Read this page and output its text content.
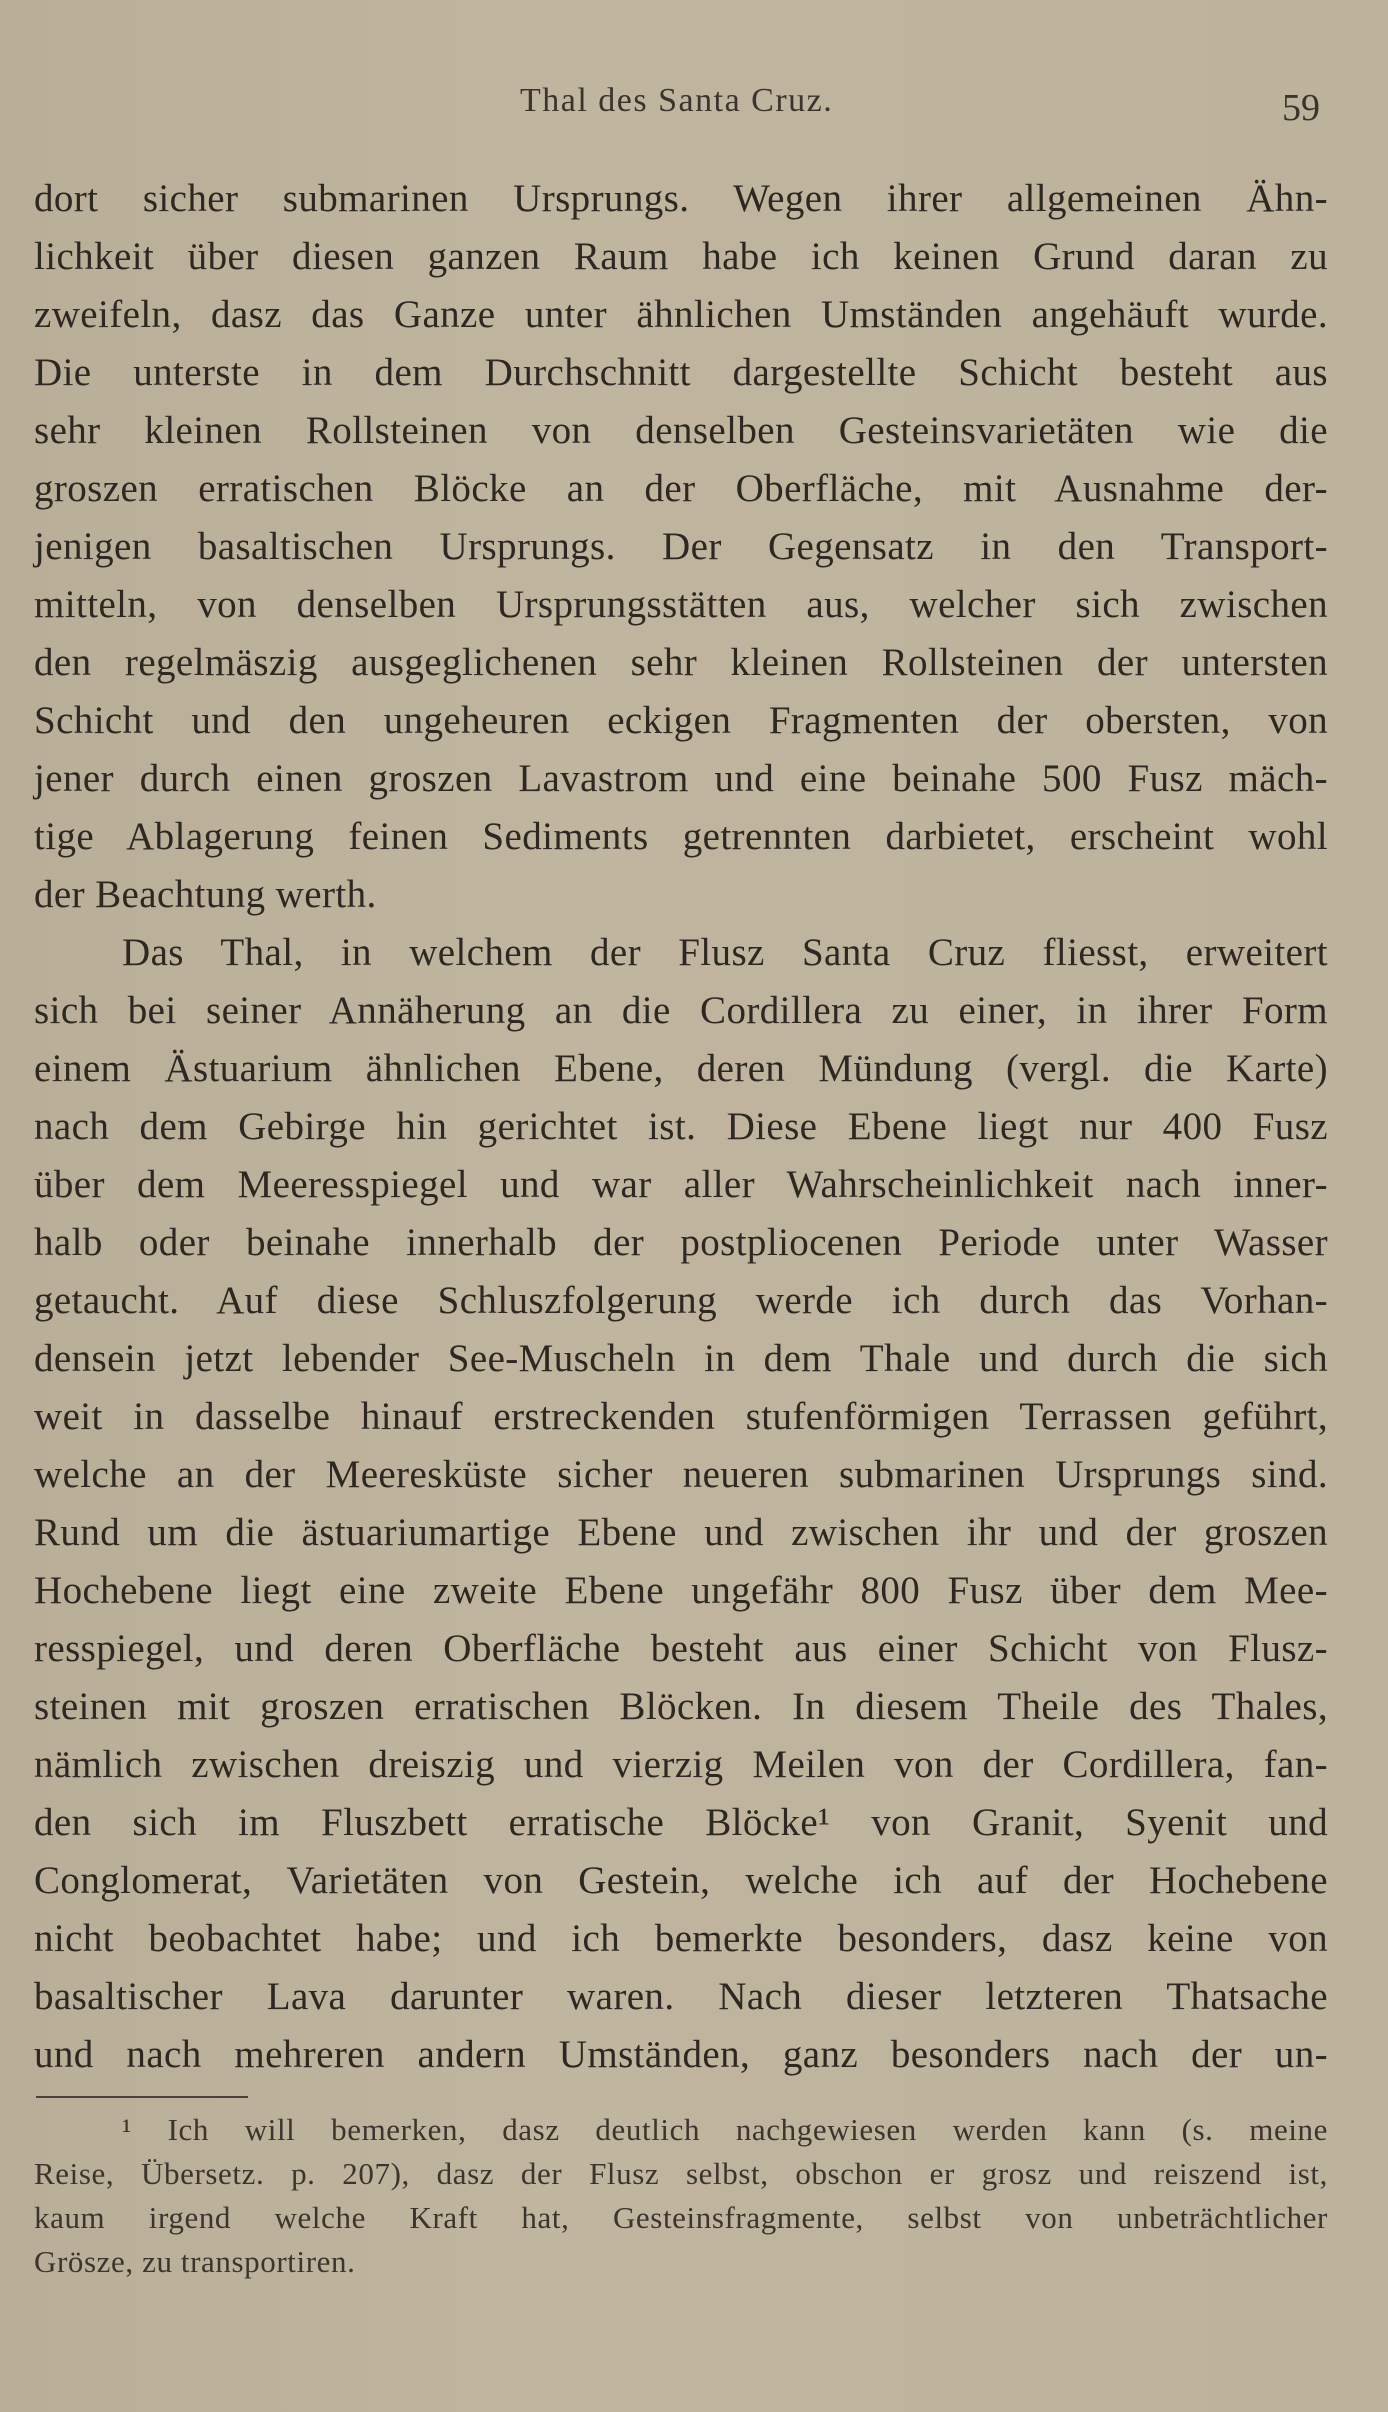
Thal des Santa Cruz.	59
dort sicher submarinen Ursprungs. Wegen ihrer allgemeinen Ähn-
lichkeit über diesen ganzen Raum habe ich keinen Grund daran zu
zweifeln, dasz das Ganze unter ähnlichen Umständen angehäuft wurde.
Die unterste in dem Durchschnitt dargestellte Schicht besteht aus
sehr kleinen Rollsteinen von denselben Gesteinsvarietäten wie die
groszen erratischen Blöcke an der Oberfläche, mit Ausnahme der-
jenigen basaltischen Ursprungs. Der Gegensatz in den Transport-
mitteln, von denselben Ursprungsstätten aus, welcher sich zwischen
den regelmäszig ausgeglichenen sehr kleinen Rollsteinen der untersten
Schicht und den ungeheuren eckigen Fragmenten der obersten, von
jener durch einen groszen Lavastrom und eine beinahe 500 Fusz mäch-
tige Ablagerung feinen Sediments getrennten darbietet, erscheint wohl
der Beachtung werth.
Das Thal, in welchem der Flusz Santa Cruz fliesst, erweitert
sich bei seiner Annäherung an die Cordillera zu einer, in ihrer Form
einem Ästuarium ähnlichen Ebene, deren Mündung (vergl. die Karte)
nach dem Gebirge hin gerichtet ist. Diese Ebene liegt nur 400 Fusz
über dem Meeresspiegel und war aller Wahrscheinlichkeit nach inner-
halb oder beinahe innerhalb der postpliocenen Periode unter Wasser
getaucht. Auf diese Schluszfolgerung werde ich durch das Vorhan-
densein jetzt lebender See-Muscheln in dem Thale und durch die sich
weit in dasselbe hinauf erstreckenden stufenförmigen Terrassen geführt,
welche an der Meeresküste sicher neueren submarinen Ursprungs sind.
Rund um die ästuariumartige Ebene und zwischen ihr und der groszen
Hochebene liegt eine zweite Ebene ungefähr 800 Fusz über dem Mee-
resspiegel, und deren Oberfläche besteht aus einer Schicht von Flusz-
steinen mit groszen erratischen Blöcken. In diesem Theile des Thales,
nämlich zwischen dreiszig und vierzig Meilen von der Cordillera, fan-
den sich im Fluszbett erratische Blöcke¹ von Granit, Syenit und
Conglomerat, Varietäten von Gestein, welche ich auf der Hochebene
nicht beobachtet habe; und ich bemerkte besonders, dasz keine von
basaltischer Lava darunter waren. Nach dieser letzteren Thatsache
und nach mehreren andern Umständen, ganz besonders nach der un-
¹ Ich will bemerken, dasz deutlich nachgewiesen werden kann (s. meine
Reise, Übersetz. p. 207), dasz der Flusz selbst, obschon er grosz und reiszend ist,
kaum irgend welche Kraft hat, Gesteinsfragmente, selbst von unbeträchtlicher
Grösze, zu transportiren.
